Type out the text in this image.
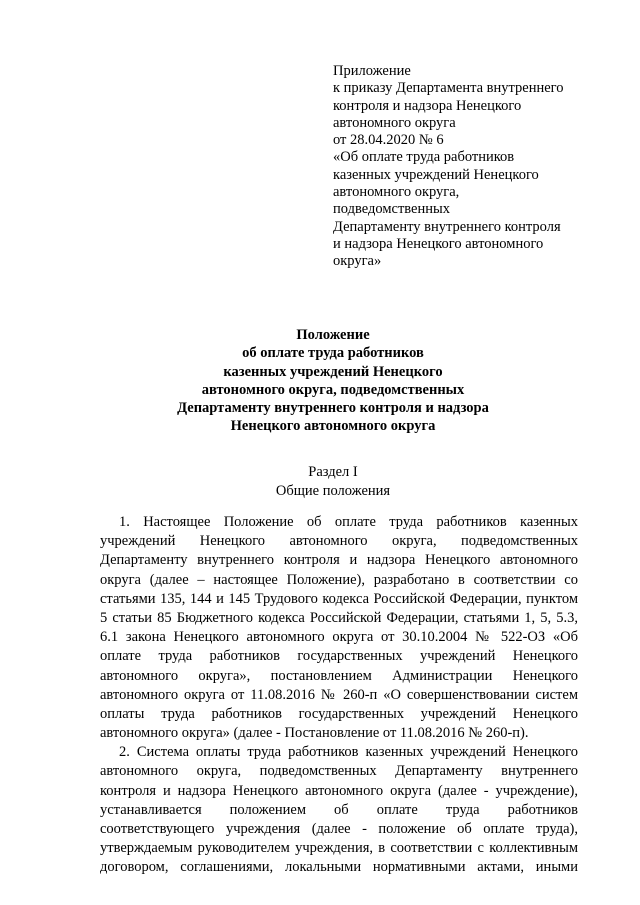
Приложение
к приказу Департамента внутреннего
контроля и надзора Ненецкого
автономного округа
от 28.04.2020 № 6
«Об оплате труда работников
казенных учреждений Ненецкого
автономного округа,
подведомственных
Департаменту внутреннего контроля
и надзора Ненецкого автономного
округа»
Положение
об оплате труда работников
казенных учреждений Ненецкого
автономного округа, подведомственных
Департаменту внутреннего контроля и надзора
Ненецкого автономного округа
Раздел I
Общие положения
1. Настоящее Положение об оплате труда работников казенных
учреждений Ненецкого автономного округа, подведомственных
Департаменту внутреннего контроля и надзора Ненецкого автономного
округа (далее – настоящее Положение), разработано в соответствии со
статьями 135, 144 и 145 Трудового кодекса Российской Федерации, пунктом
5 статьи 85 Бюджетного кодекса Российской Федерации, статьями 1, 5, 5.3,
6.1 закона Ненецкого автономного округа от 30.10.2004 № 522-ОЗ «Об
оплате труда работников государственных учреждений Ненецкого
автономного округа», постановлением Администрации Ненецкого
автономного округа от 11.08.2016 № 260-п «О совершенствовании систем
оплаты труда работников государственных учреждений Ненецкого
автономного округа» (далее - Постановление от 11.08.2016 № 260-п).
2. Система оплаты труда работников казенных учреждений Ненецкого
автономного округа, подведомственных Департаменту внутреннего
контроля и надзора Ненецкого автономного округа (далее - учреждение),
устанавливается положением об оплате труда работников
соответствующего учреждения (далее - положение об оплате труда),
утверждаемым руководителем учреждения, в соответствии с коллективным
договором, соглашениями, локальными нормативными актами, иными
